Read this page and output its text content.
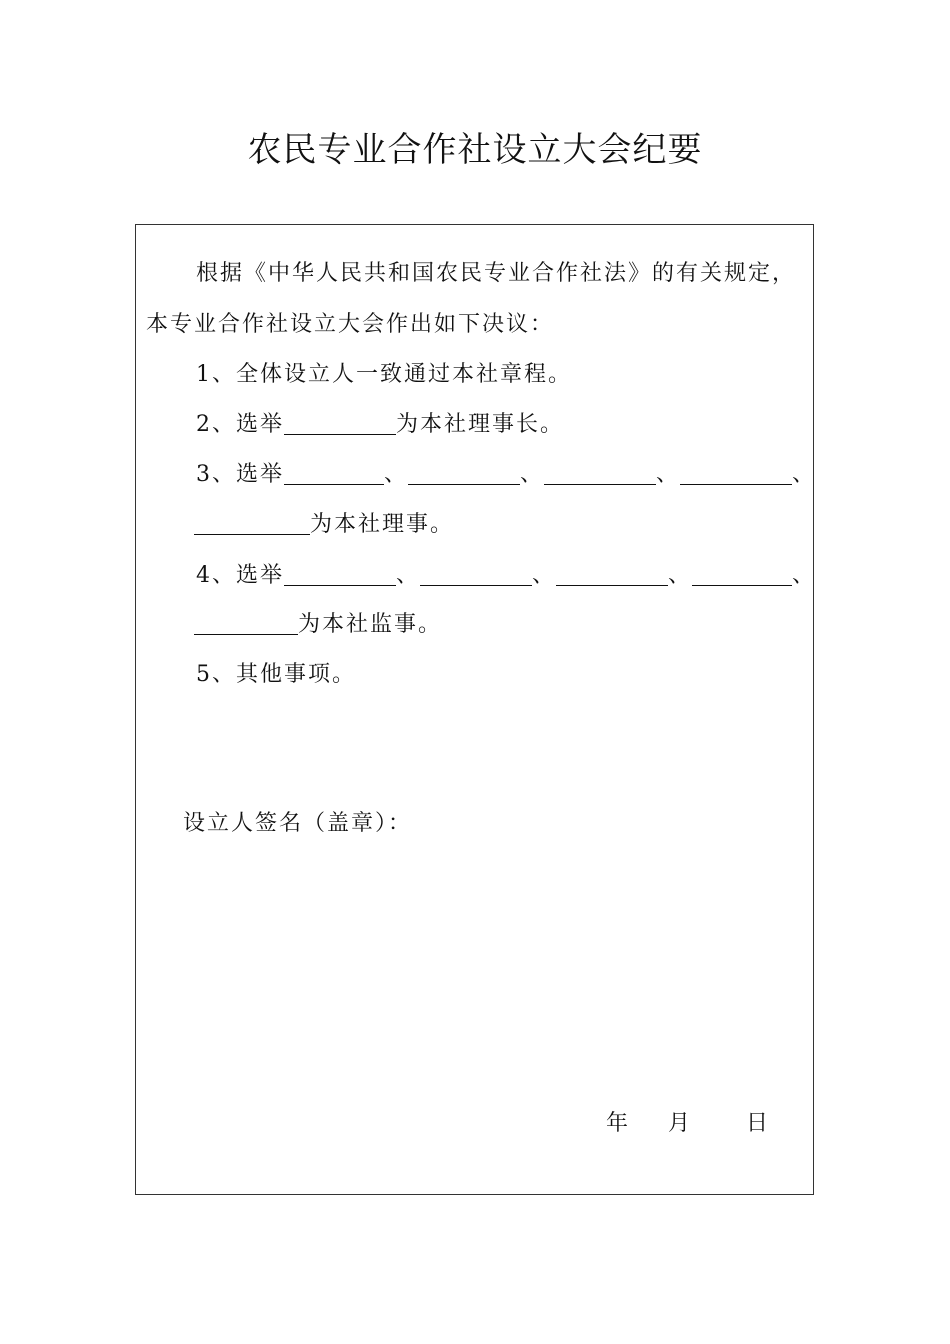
农民专业合作社设立大会纪要
根据《中华人民共和国农民专业合作社法》的有关规定，
本专业合作社设立大会作出如下决议：
1、全体设立人一致通过本社章程。
2、选举	为本社理事长。
3、选举	、	、	、	、
为本社理事。
4、选举	、	、	、	、
为本社监事。
5、其他事项。
设立人签名（盖章）：
年 月	日
